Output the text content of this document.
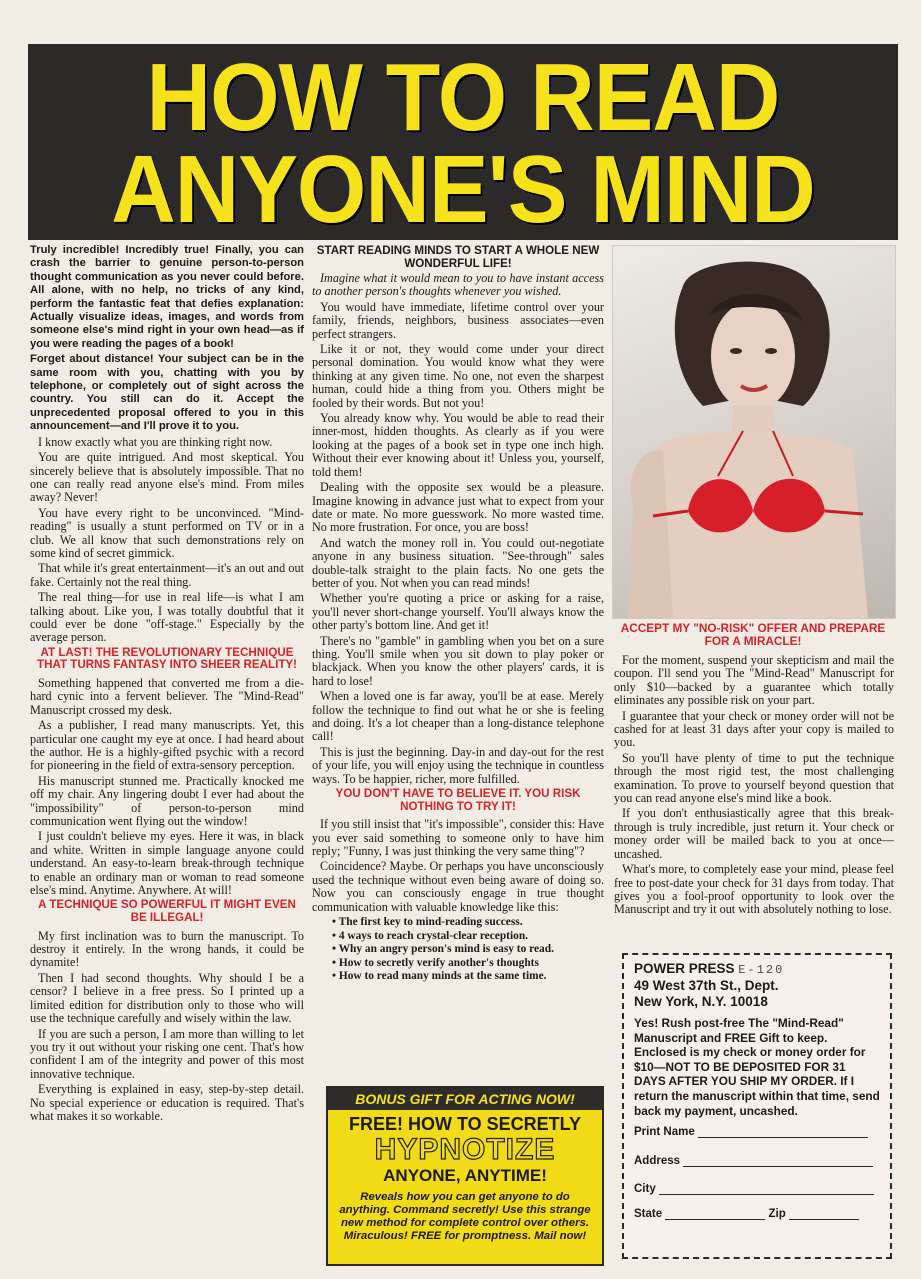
HOW TO READ
ANYONE'S MIND

Truly incredible! Incredibly true! Finally, you can crash the barrier to genuine person-to-person thought communication as you never could before. All alone, with no help, no tricks of any kind, perform the fantastic feat that defies explanation: Actually visualize ideas, images, and words from someone else's mind right in your own head—as if you were reading the pages of a book!

Forget about distance! Your subject can be in the same room with you, chatting with you by telephone, or completely out of sight across the country. You still can do it. Accept the unprecedented proposal offered to you in this announcement—and I'll prove it to you.

I know exactly what you are thinking right now.

You are quite intrigued. And most skeptical. You sincerely believe that is absolutely impossible. That no one can really read anyone else's mind. From miles away? Never!

You have every right to be unconvinced. "Mind-reading" is usually a stunt performed on TV or in a club. We all know that such demonstrations rely on some kind of secret gimmick.

That while it's great entertainment—it's an out and out fake. Certainly not the real thing.

The real thing—for use in real life—is what I am talking about. Like you, I was totally doubtful that it could ever be done "off-stage." Especially by the average person.

AT LAST! THE REVOLUTIONARY TECHNIQUE THAT TURNS FANTASY INTO SHEER REALITY!

Something happened that converted me from a die-hard cynic into a fervent believer. The "Mind-Read" Manuscript crossed my desk.

As a publisher, I read many manuscripts. Yet, this particular one caught my eye at once. I had heard about the author. He is a highly-gifted psychic with a record for pioneering in the field of extra-sensory perception.

His manuscript stunned me. Practically knocked me off my chair. Any lingering doubt I ever had about the "impossibility" of person-to-person mind communication went flying out the window!

I just couldn't believe my eyes. Here it was, in black and white. Written in simple language anyone could understand. An easy-to-learn break-through technique to enable an ordinary man or woman to read someone else's mind. Anytime. Anywhere. At will!

A TECHNIQUE SO POWERFUL IT MIGHT EVEN BE ILLEGAL!

My first inclination was to burn the manuscript. To destroy it entirely. In the wrong hands, it could be dynamite!

Then I had second thoughts. Why should I be a censor? I believe in a free press. So I printed up a limited edition for distribution only to those who will use the technique carefully and wisely within the law.

If you are such a person, I am more than willing to let you try it out without your risking one cent. That's how confident I am of the integrity and power of this most innovative technique.

Everything is explained in easy, step-by-step detail. No special experience or education is required. That's what makes it so workable.

START READING MINDS TO START A WHOLE NEW WONDERFUL LIFE!

Imagine what it would mean to you to have instant access to another person's thoughts whenever you wished.

You would have immediate, lifetime control over your family, friends, neighbors, business associates—even perfect strangers.

Like it or not, they would come under your direct personal domination. You would know what they were thinking at any given time. No one, not even the sharpest human, could hide a thing from you. Others might be fooled by their words. But not you!

You already know why. You would be able to read their inner-most, hidden thoughts. As clearly as if you were looking at the pages of a book set in type one inch high. Without their ever knowing about it! Unless you, yourself, told them!

Dealing with the opposite sex would be a pleasure. Imagine knowing in advance just what to expect from your date or mate. No more guesswork. No more wasted time. No more frustration. For once, you are boss!

And watch the money roll in. You could out-negotiate anyone in any business situation. "See-through" sales double-talk straight to the plain facts. No one gets the better of you. Not when you can read minds!

Whether you're quoting a price or asking for a raise, you'll never short-change yourself. You'll always know the other party's bottom line. And get it!

There's no "gamble" in gambling when you bet on a sure thing. You'll smile when you sit down to play poker or blackjack. When you know the other players' cards, it is hard to lose!

When a loved one is far away, you'll be at ease. Merely follow the technique to find out what he or she is feeling and doing. It's a lot cheaper than a long-distance telephone call!

This is just the beginning. Day-in and day-out for the rest of your life, you will enjoy using the technique in countless ways. To be happier, richer, more fulfilled.

YOU DON'T HAVE TO BELIEVE IT. YOU RISK NOTHING TO TRY IT!

If you still insist that "it's impossible", consider this: Have you ever said something to someone only to have him reply; "Funny, I was just thinking the very same thing"?

Coincidence? Maybe. Or perhaps you have unconsciously used the technique without even being aware of doing so. Now you can consciously engage in true thought communication with valuable knowledge like this:

• The first key to mind-reading success.
• 4 ways to reach crystal-clear reception.
• Why an angry person's mind is easy to read.
• How to secretly verify another's thoughts
• How to read many minds at the same time.
BONUS GIFT FOR ACTING NOW!
FREE! HOW TO SECRETLY
HYPNOTIZE
ANYONE, ANYTIME!
Reveals how you can get anyone to do anything. Command secretly! Use this strange new method for complete control over others. Miraculous! FREE for promptness. Mail now!
ACCEPT MY "NO-RISK" OFFER AND PREPARE FOR A MIRACLE!

For the moment, suspend your skepticism and mail the coupon. I'll send you The "Mind-Read" Manuscript for only $10—backed by a guarantee which totally eliminates any possible risk on your part.

I guarantee that your check or money order will not be cashed for at least 31 days after your copy is mailed to you.

So you'll have plenty of time to put the technique through the most rigid test, the most challenging examination. To prove to yourself beyond question that you can read anyone else's mind like a book.

If you don't enthusiastically agree that this break-through is truly incredible, just return it. Your check or money order will be mailed back to you at once—uncashed.

What's more, to completely ease your mind, please feel free to post-date your check for 31 days from today. That gives you a fool-proof opportunity to look over the Manuscript and try it out with absolutely nothing to lose.

POWER PRESS E-120
49 West 37th St., Dept.
New York, N.Y. 10018
Yes! Rush post-free The "Mind-Read" Manuscript and FREE Gift to keep. Enclosed is my check or money order for $10—NOT TO BE DEPOSITED FOR 31 DAYS AFTER YOU SHIP MY ORDER. If I return the manuscript within that time, send back my payment, uncashed.
Print Name
Address
City
State	Zip
